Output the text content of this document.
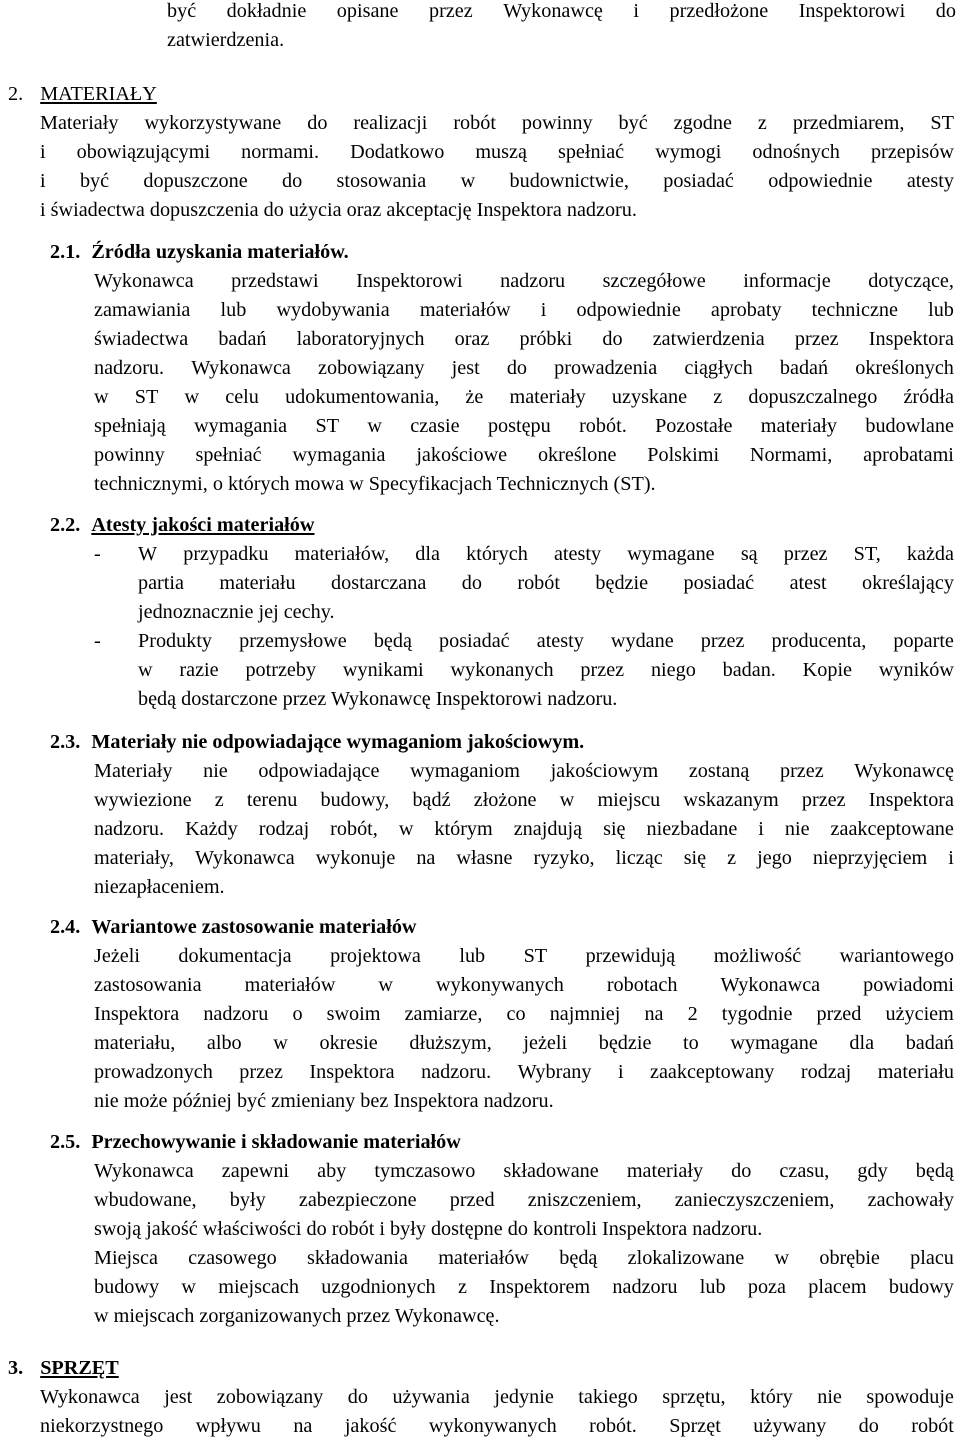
być dokładnie opisane przez Wykonawcę i przedłożone Inspektorowi do
zatwierdzenia.
2. MATERIAŁY
Materiały wykorzystywane do realizacji robót powinny być zgodne z przedmiarem, ST
i obowiązującymi normami. Dodatkowo muszą spełniać wymogi odnośnych przepisów
i być dopuszczone do stosowania w budownictwie, posiadać odpowiednie atesty
i świadectwa dopuszczenia do użycia oraz akceptację Inspektora nadzoru.
2.1. Źródła uzyskania materiałów.
Wykonawca przedstawi Inspektorowi nadzoru szczegółowe informacje dotyczące,
zamawiania lub wydobywania materiałów i odpowiednie aprobaty techniczne lub
świadectwa badań laboratoryjnych oraz próbki do zatwierdzenia przez Inspektora
nadzoru. Wykonawca zobowiązany jest do prowadzenia ciągłych badań określonych
w ST w celu udokumentowania, że materiały uzyskane z dopuszczalnego źródła
spełniają wymagania ST w czasie postępu robót. Pozostałe materiały budowlane
powinny spełniać wymagania jakościowe określone Polskimi Normami, aprobatami
technicznymi, o których mowa w Specyfikacjach Technicznych (ST).
2.2. Atesty jakości materiałów
- W przypadku materiałów, dla których atesty wymagane są przez ST, każda
partia materiału dostarczana do robót będzie posiadać atest określający
jednoznacznie jej cechy.
- Produkty przemysłowe będą posiadać atesty wydane przez producenta, poparte
w razie potrzeby wynikami wykonanych przez niego badan. Kopie wyników
będą dostarczone przez Wykonawcę Inspektorowi nadzoru.
2.3. Materiały nie odpowiadające wymaganiom jakościowym.
Materiały nie odpowiadające wymaganiom jakościowym zostaną przez Wykonawcę
wywiezione z terenu budowy, bądź złożone w miejscu wskazanym przez Inspektora
nadzoru. Każdy rodzaj robót, w którym znajdują się niezbadane i nie zaakceptowane
materiały, Wykonawca wykonuje na własne ryzyko, licząc się z jego nieprzyjęciem i
niezapłaceniem.
2.4. Wariantowe zastosowanie materiałów
Jeżeli dokumentacja projektowa lub ST przewidują możliwość wariantowego
zastosowania materiałów w wykonywanych robotach Wykonawca powiadomi
Inspektora nadzoru o swoim zamiarze, co najmniej na 2 tygodnie przed użyciem
materiału, albo w okresie dłuższym, jeżeli będzie to wymagane dla badań
prowadzonych przez Inspektora nadzoru. Wybrany i zaakceptowany rodzaj materiału
nie może później być zmieniany bez Inspektora nadzoru.
2.5. Przechowywanie i składowanie materiałów
Wykonawca zapewni aby tymczasowo składowane materiały do czasu, gdy będą
wbudowane, były zabezpieczone przed zniszczeniem, zanieczyszczeniem, zachowały
swoją jakość właściwości do robót i były dostępne do kontroli Inspektora nadzoru.
Miejsca czasowego składowania materiałów będą zlokalizowane w obrębie placu
budowy w miejscach uzgodnionych z Inspektorem nadzoru lub poza placem budowy
w miejscach zorganizowanych przez Wykonawcę.
3. SPRZĘT
Wykonawca jest zobowiązany do używania jedynie takiego sprzętu, który nie spowoduje
niekorzystnego wpływu na jakość wykonywanych robót. Sprzęt używany do robót
